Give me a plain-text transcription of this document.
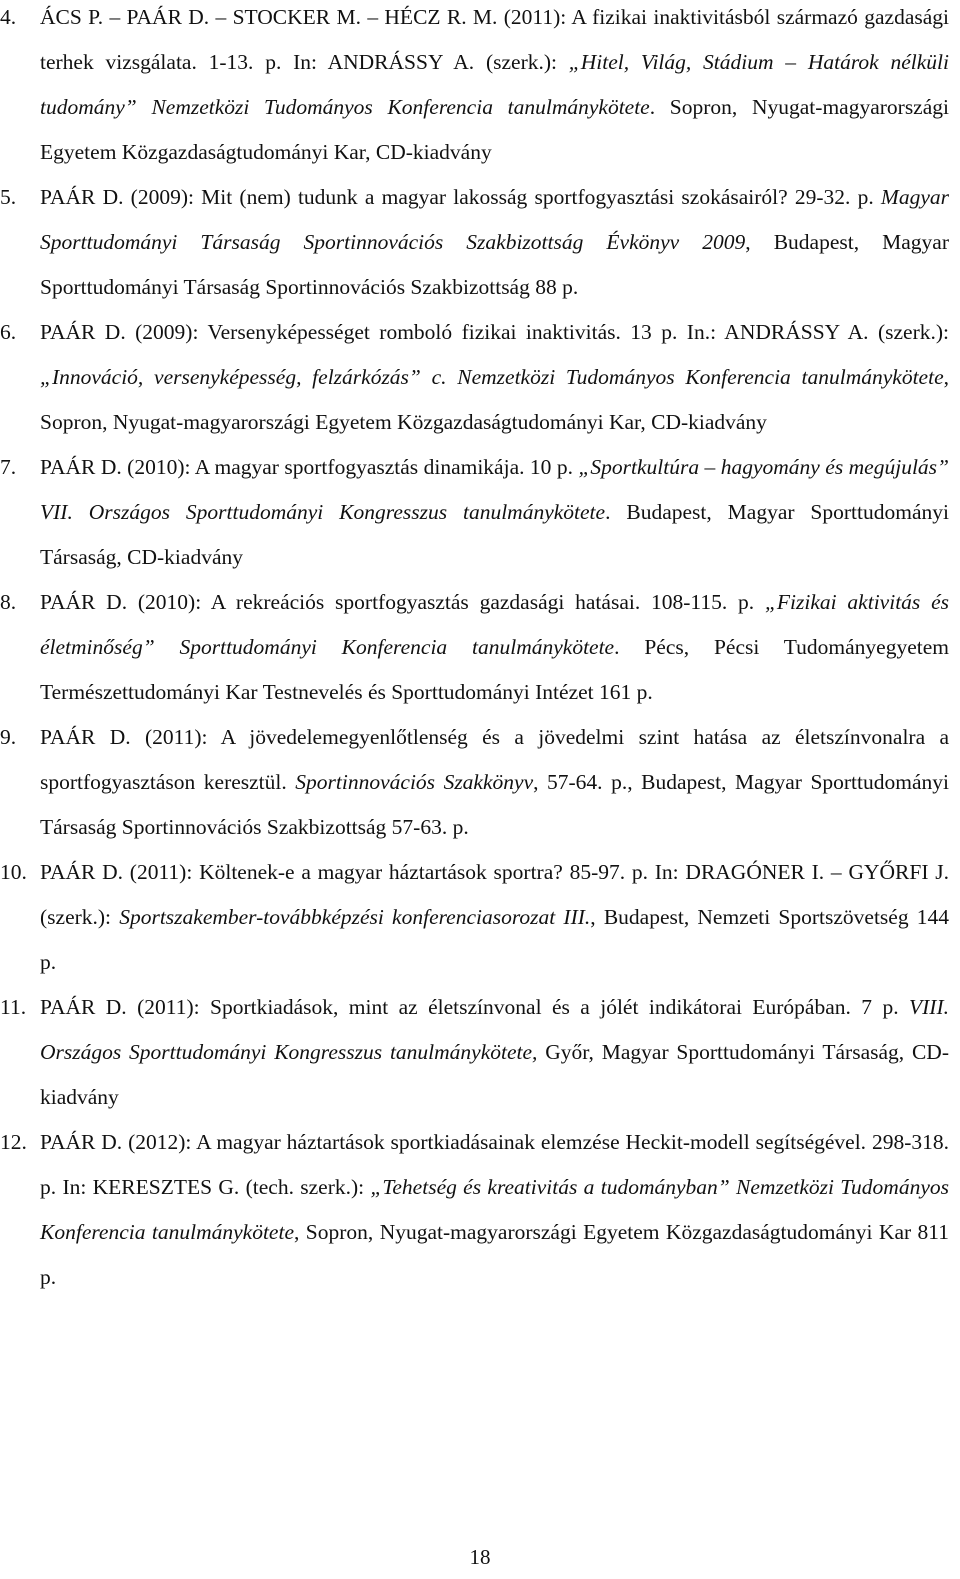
4. ÁCS P. – PAÁR D. – STOCKER M. – HÉCZ R. M. (2011): A fizikai inaktivitásból származó gazdasági terhek vizsgálata. 1-13. p. In: ANDRÁSSY A. (szerk.): „Hitel, Világ, Stádium – Határok nélküli tudomány” Nemzetközi Tudományos Konferencia tanulmánykötete. Sopron, Nyugat-magyarországi Egyetem Közgazdaságtudományi Kar, CD-kiadvány
5. PAÁR D. (2009): Mit (nem) tudunk a magyar lakosság sportfogyasztási szokásairól? 29-32. p. Magyar Sporttudományi Társaság Sportinnovációs Szakbizottság Évkönyv 2009, Budapest, Magyar Sporttudományi Társaság Sportinnovációs Szakbizottság 88 p.
6. PAÁR D. (2009): Versenyképességet romboló fizikai inaktivitás. 13 p. In.: ANDRÁSSY A. (szerk.): „Innováció, versenyképesség, felzárkózás” c. Nemzetközi Tudományos Konferencia tanulmánykötete, Sopron, Nyugat-magyarországi Egyetem Közgazdaságtudományi Kar, CD-kiadvány
7. PAÁR D. (2010): A magyar sportfogyasztás dinamikája. 10 p. „Sportkultúra – hagyomány és megújulás” VII. Országos Sporttudományi Kongresszus tanulmánykötete. Budapest, Magyar Sporttudományi Társaság, CD-kiadvány
8. PAÁR D. (2010): A rekreációs sportfogyasztás gazdasági hatásai. 108-115. p. „Fizikai aktivitás és életminőség” Sporttudományi Konferencia tanulmánykötete. Pécs, Pécsi Tudományegyetem Természettudományi Kar Testnevelés és Sporttudományi Intézet 161 p.
9. PAÁR D. (2011): A jövedelemegyenlőtlenség és a jövedelmi szint hatása az életszínvonalra a sportfogyasztáson keresztül. Sportinnovációs Szakkönyv, 57-64. p., Budapest, Magyar Sporttudományi Társaság Sportinnovációs Szakbizottság 57-63. p.
10. PAÁR D. (2011): Költenek-e a magyar háztartások sportra? 85-97. p. In: DRAGÓNER I. – GYŐRFI J. (szerk.): Sportszakember-továbbképzési konferenciasorozat III., Budapest, Nemzeti Sportszövetség 144 p.
11. PAÁR D. (2011): Sportkiadások, mint az életszínvonal és a jólét indikátorai Európában. 7 p. VIII. Országos Sporttudományi Kongresszus tanulmánykötete, Győr, Magyar Sporttudományi Társaság, CD-kiadvány
12. PAÁR D. (2012): A magyar háztartások sportkiadásainak elemzése Heckit-modell segítségével. 298-318. p. In: KERESZTES G. (tech. szerk.): „Tehetség és kreativitás a tudományban” Nemzetközi Tudományos Konferencia tanulmánykötete, Sopron, Nyugat-magyarországi Egyetem Közgazdaságtudományi Kar 811 p.
18
